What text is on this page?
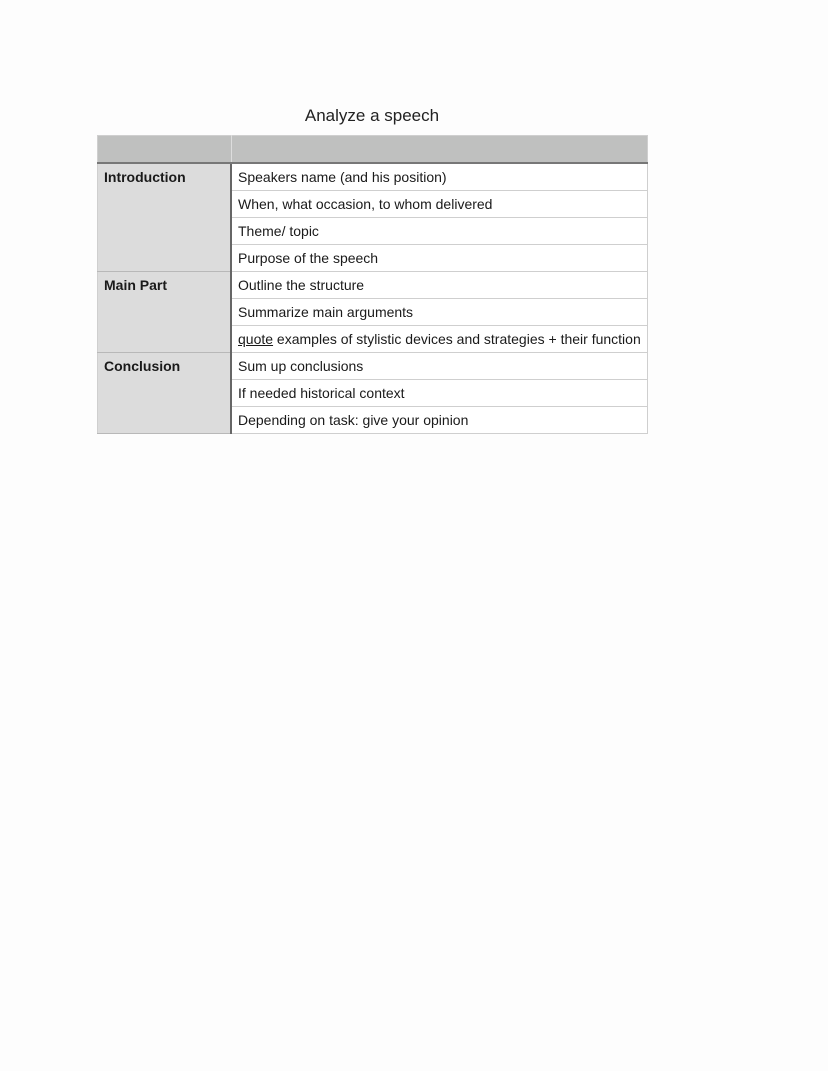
Analyze a speech

Introduction	Speakers name (and his position)
	When, what occasion, to whom delivered
	Theme/ topic
	Purpose of the speech
Main Part	Outline the structure
	Summarize main arguments
	quote examples of stylistic devices and strategies + their function
Conclusion	Sum up conclusions
	If needed historical context
	Depending on task: give your opinion
